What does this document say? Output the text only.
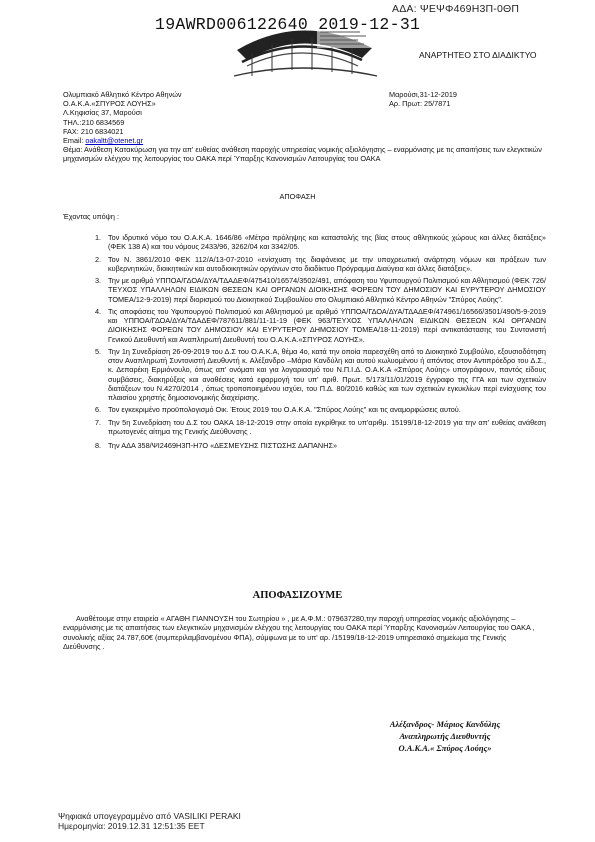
ΑΔΑ: ΨΕΨΦ469Η3Π-0ΘΠ
19AWRD006122640 2019-12-31
ΑΝΑΡΤΗΤΕΟ ΣΤΟ ΔΙΑΔΙΚΤΥΟ
Ολυμπιακό Αθλητικό Κέντρο Αθηνών
Ο.Α.Κ.Α.«ΣΠΥΡΟΣ ΛΟΥΗΣ»
Λ.Κηφισίας 37, Μαρούσι
ΤΗΛ.:210 6834569
FAX: 210 6834021
Email: oakaltt@otenet.gr
Μαρούσι,31-12-2019
Αρ. Πρωτ: 25/7871
Θέμα: Ανάθεση Κατακύρωση για την απ' ευθείας ανάθεση παροχής υπηρεσίας νομικής αξιολόγησης – εναρμόνισης με τις απαιτήσεις των ελεγκτικών μηχανισμών ελέγχου της λειτουργίας του ΟΑΚΑ περί Ύπαρξης Κανονισμών Λειτουργίας του ΟΑΚΑ
ΑΠΟΦΑΣΗ
Έχοντας υπόψη :
1. Τον ιδρυτικό νόμο του Ο.Α.Κ.Α. 1646/86 «Μέτρα πρόληψης και καταστολής της βίας στους αθλητικούς χώρους και άλλες διατάξεις» (ΦΕΚ 138 Α) και του νόμους 2433/96, 3262/04 και 3342/05.
2. Τον Ν. 3861/2010 ΦΕΚ 112/Α/13-07-2010 «ενίσχυση της διαφάνειας με την υποχρεωτική ανάρτηση νόμων και πράξεων των κυβερνητικών, διοικητικών και αυτοδιοικητικών οργάνων στο διαδίκτυο Πρόγραμμα Διαύγεια και άλλες διατάξεις».
3. Την με αριθμό ΥΠΠΟΑ/ΓΔΟΑ/ΔΥΑ/ΤΔΑΔΕΦ/475410/16574/3502/491, απόφαση του Υφυπουργού Πολιτισμού και Αθλητισμού (ΦΕΚ 726/ΤΕΥΧΟΣ ΥΠΑΛΛΗΛΩΝ ΕΙΔΙΚΩΝ ΘΕΣΕΩΝ ΚΑΙ ΟΡΓΑΝΩΝ ΔΙΟΙΚΗΣΗΣ ΦΟΡΕΩΝ ΤΟΥ ΔΗΜΟΣΙΟΥ ΚΑΙ ΕΥΡΥΤΕΡΟΥ ΔΗΜΟΣΙΟΥ ΤΟΜΕΑ/12-9-2019) περί διορισμού του Διοικητικού Συμβουλίου στο Ολυμπιακό Αθλητικό Κέντρο Αθηνών "Σπύρος Λούης".
4. Τις αποφάσεις του Υφυπουργού Πολιτισμού και Αθλητισμού με αριθμό ΥΠΠΟΑ/ΓΔΟΑ/ΔΥΑ/ΤΔΑΔΕΦ/474961/16566/3501/490/5-9-2019 και ΥΠΠΟΑ/ΓΔΟΑ/ΔΥΑ/ΤΔΑΔΕΦ/787611/881/11-11-19 (ΦΕΚ 963/ΤΕΥΧΟΣ ΥΠΑΛΛΗΛΩΝ ΕΙΔΙΚΩΝ ΘΕΣΕΩΝ ΚΑΙ ΟΡΓΑΝΩΝ ΔΙΟΙΚΗΣΗΣ ΦΟΡΕΩΝ ΤΟΥ ΔΗΜΟΣΙΟΥ ΚΑΙ ΕΥΡΥΤΕΡΟΥ ΔΗΜΟΣΙΟΥ ΤΟΜΕΑ/18-11-2019) περί αντικατάστασης του Συντονιστή Γενικού Διευθυντή και Αναπληρωτή Διευθυντή του Ο.Α.Κ.Α.«ΣΠΥΡΟΣ ΛΟΥΗΣ».
5. Την 1η Συνεδρίαση 26-09-2019 του Δ.Σ του Ο.Α.Κ.Α, θέμα 4ο, κατά την οποία παρεσχέθη από το Διοικητικό Συμβούλιο, εξουσιοδότηση στον Αναπληρωτή Συντονιστή Διευθυντή κ. Αλέξανδρο –Μάριο Κανδύλη και αυτού κωλυομένου ή απόντος στον Αντιπρόεδρο του Δ.Σ., κ. Δεπαρέκη Ερμιόνουλο, όπως απ' ονόματι και για λογαριασμό του Ν.Π.Ι.Δ. Ο.Α.Κ.Α «Σπύρος Λούης» υπογράφουν, παντός είδους συμβάσεις, διακηρύξεις και αναθέσεις κατά εφαρμογή του υπ' αριθ. Πρωτ. 5/173/11/01/2019 έγγραφο της ΓΓΑ και των σχετικών διατάξεων του Ν.4270/2014 , όπως τροποποιημένου ισχύει, του Π.Δ. 80/2016 καθώς και των σχετικών εγκυκλίων περί ενίσχυσης του πλαισίου χρηστής δημοσιονομικής διαχείρισης.
6. Τον εγκεκριμένο προϋπολογισμό Οικ. Έτους 2019 του Ο.Α.Κ.Α. "Σπύρος Λούης" και τις αναμορφώσεις αυτού.
7. Την 5η Συνεδρίαση του Δ.Σ του ΟΑΚΑ 18-12-2019 στην οποία εγκρίθηκε το υπ'αριθμ. 15199/18-12-2019 για την απ' ευθείας ανάθεση πρωτογενές αίτημα της Γενικής Διεύθυνσης .
8. Την ΑΔΑ 358/ΨΙ2469Η3Π-Η7Ο «ΔΕΣΜΕΥΣΗΣ ΠΙΣΤΩΣΗΣ ΔΑΠΑΝΗΣ»
ΑΠΟΦΑΣΙΖΟΥΜΕ

Αναθέτουμε στην εταιρεία « ΑΓΑΘΗ ΓΙΑΝΝΟΥΣΗ του Σωτηρίου » , με Α.Φ.Μ.: 079637280,την παροχή υπηρεσίας νομικής αξιολόγησης –εναρμόνισης με τις απαιτήσεις των ελεγκτικών μηχανισμών ελέγχου της λειτουργίας του ΟΑΚΑ περί Ύπαρξης Κανονισμών Λειτουργίας του ΟΑΚΑ , συνολικής αξίας 24.787,60€ (συμπεριλαμβανομένου ΦΠΑ), σύμφωνα με το υπ' αρ. /15199/18-12-2019 υπηρεσιακό σημείωμα της Γενικής Διεύθυνσης .

Αλέξανδρος- Μάριος Κανδύλης
Αναπληρωτής Διευθυντής
Ο.Α.Κ.Α.« Σπύρος Λούης»
Ψηφιακά υπογεγραμμένο από VASILIKI PERAKI
Ημερομηνία: 2019.12.31 12:51:35 EET
